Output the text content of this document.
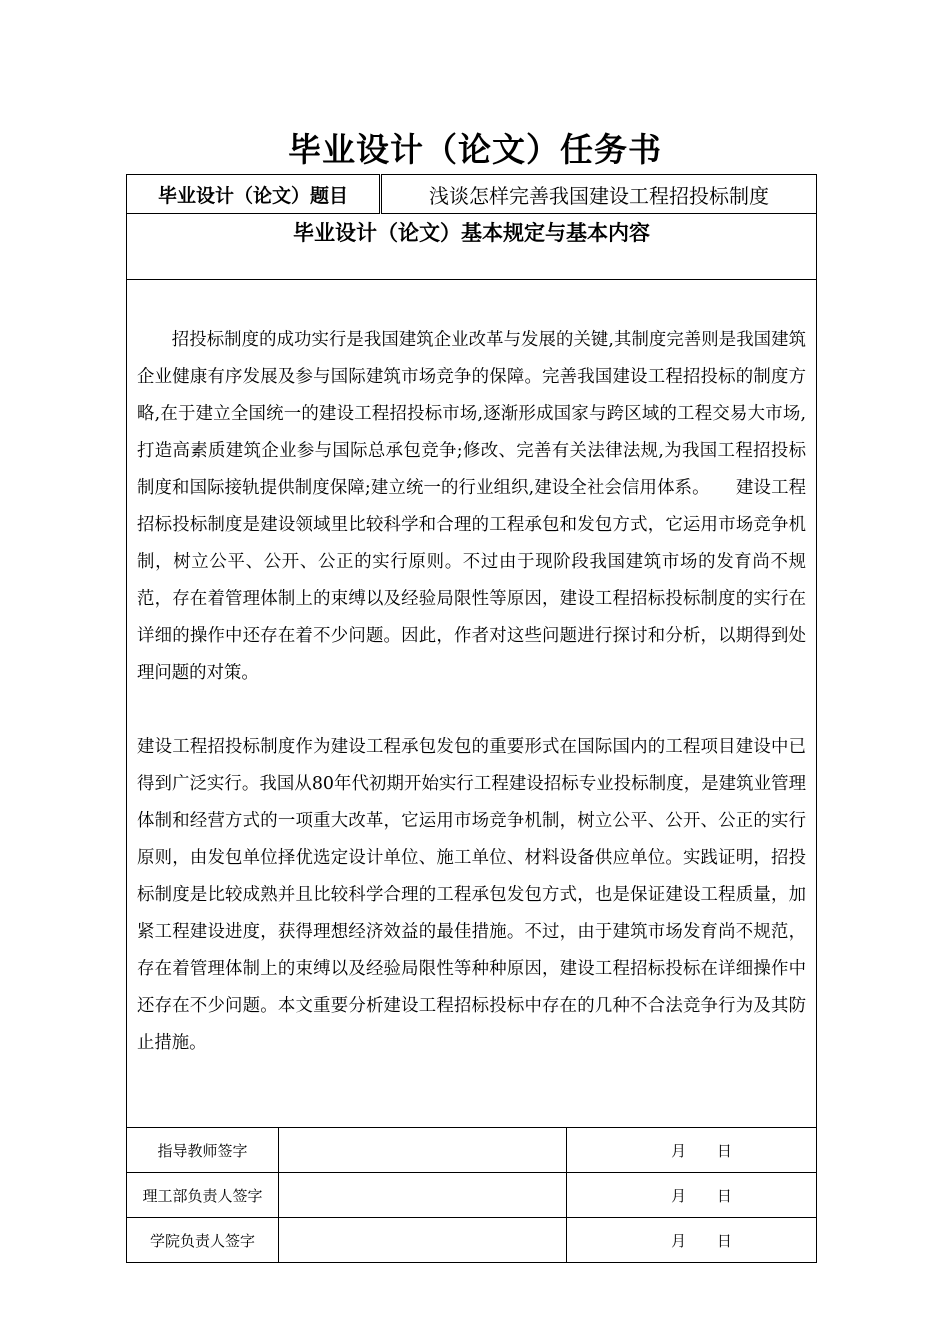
毕业设计（论文）任务书
毕业设计（论文）题目		浅谈怎样完善我国建设工程招投标制度	
毕业设计（论文）基本规定与基本内容			

招投标制度的成功实行是我国建筑企业改革与发展的关键,其制度完善则是我国建筑企业健康有序发展及参与国际建筑市场竞争的保障。完善我国建设工程招投标的制度方略,在于建立全国统一的建设工程招投标市场,逐渐形成国家与跨区域的工程交易大市场,打造高素质建筑企业参与国际总承包竞争;修改、完善有关法律法规,为我国工程招投标制度和国际接轨提供制度保障;建立统一的行业组织,建设全社会信用体系。　　建设工程招标投标制度是建设领域里比较科学和合理的工程承包和发包方式，它运用市场竞争机制，树立公平、公开、公正的实行原则。不过由于现阶段我国建筑市场的发育尚不规范，存在着管理体制上的束缚以及经验局限性等原因，建设工程招标投标制度的实行在详细的操作中还存在着不少问题。因此，作者对这些问题进行探讨和分析，以期得到处理问题的对策。

建设工程招投标制度作为建设工程承包发包的重要形式在国际国内的工程项目建设中已得到广泛实行。我国从80年代初期开始实行工程建设招标专业投标制度，是建筑业管理体制和经营方式的一项重大改革，它运用市场竞争机制，树立公平、公开、公正的实行原则，由发包单位择优选定设计单位、施工单位、材料设备供应单位。实践证明，招投标制度是比较成熟并且比较科学合理的工程承包发包方式，也是保证建设工程质量，加紧工程建设进度，获得理想经济效益的最佳措施。不过，由于建筑市场发育尚不规范，存在着管理体制上的束缚以及经验局限性等种种原因，建设工程招标投标在详细操作中还存在不少问题。本文重要分析建设工程招标投标中存在的几种不合法竞争行为及其防止措施。			

指导教师签字			月 日
理工部负责人签字			月 日
学院负责人签字			月 日
